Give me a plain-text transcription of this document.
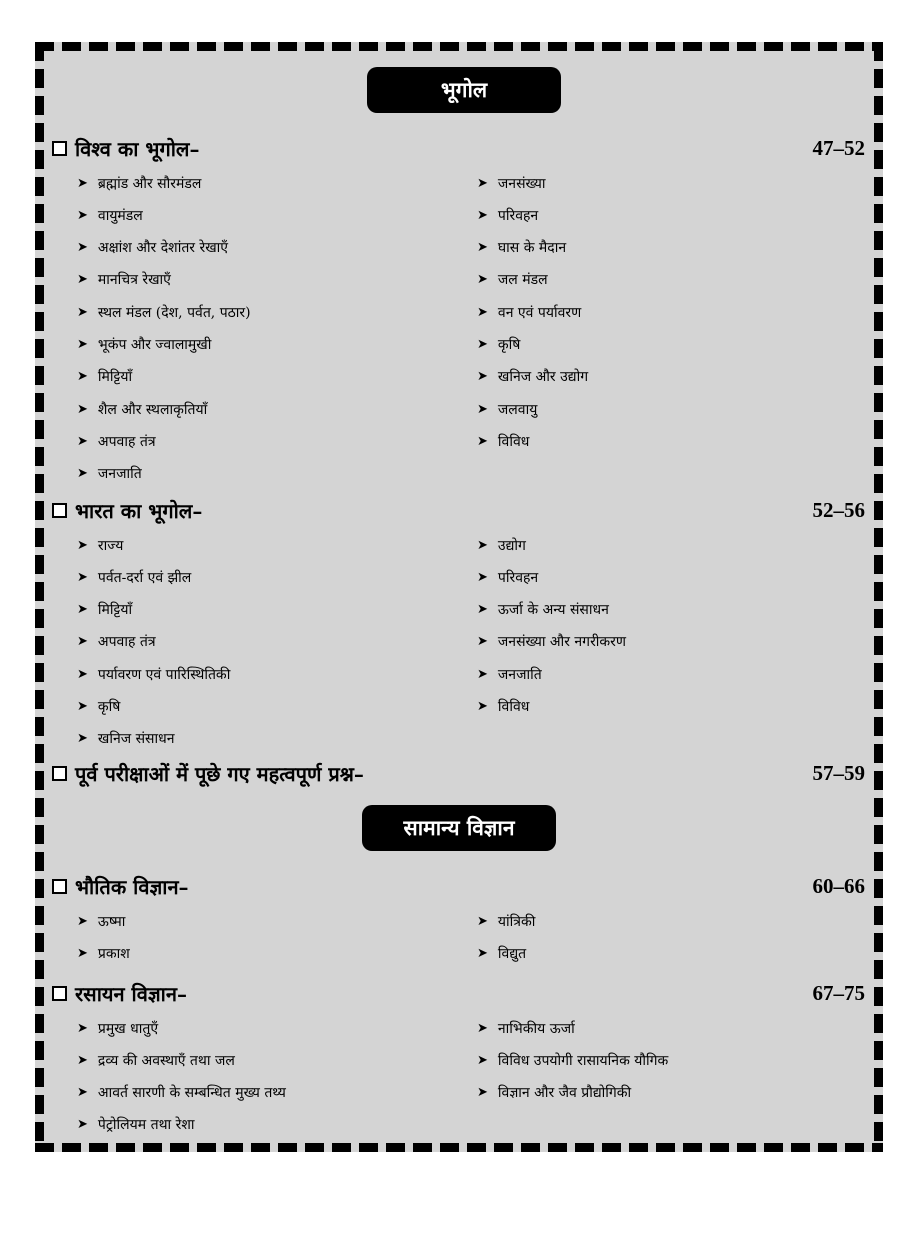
भूगोल
सामान्य विज्ञान
विश्व का भूगोल–	47–52
➤ ब्रह्मांड और सौरमंडल
➤ वायुमंडल
➤ अक्षांश और देशांतर रेखाएँ
➤ मानचित्र रेखाएँ
➤ स्थल मंडल (देश, पर्वत, पठार)
➤ भूकंप और ज्वालामुखी
➤ मिट्टियाँ
➤ शैल और स्थलाकृतियाँ
➤ अपवाह तंत्र
➤ जनजाति
➤ जनसंख्या
➤ परिवहन
➤ घास के मैदान
➤ जल मंडल
➤ वन एवं पर्यावरण
➤ कृषि
➤ खनिज और उद्योग
➤ जलवायु
➤ विविध
भारत का भूगोल–	52–56
➤ राज्य
➤ पर्वत-दर्रा एवं झील
➤ मिट्टियाँ
➤ अपवाह तंत्र
➤ पर्यावरण एवं पारिस्थितिकी
➤ कृषि
➤ खनिज संसाधन
➤ उद्योग
➤ परिवहन
➤ ऊर्जा के अन्य संसाधन
➤ जनसंख्या और नगरीकरण
➤ जनजाति
➤ विविध
पूर्व परीक्षाओं में पूछे गए महत्वपूर्ण प्रश्न–	57–59
भौतिक विज्ञान–	60–66
➤ ऊष्मा
➤ प्रकाश
➤ यांत्रिकी
➤ विद्युत
रसायन विज्ञान–	67–75
➤ प्रमुख धातुएँ
➤ द्रव्य की अवस्थाएँ तथा जल
➤ आवर्त सारणी के सम्बन्धित मुख्य तथ्य
➤ पेट्रोलियम तथा रेशा
➤ नाभिकीय ऊर्जा
➤ विविध उपयोगी रासायनिक यौगिक
➤ विज्ञान और जैव प्रौद्योगिकी
